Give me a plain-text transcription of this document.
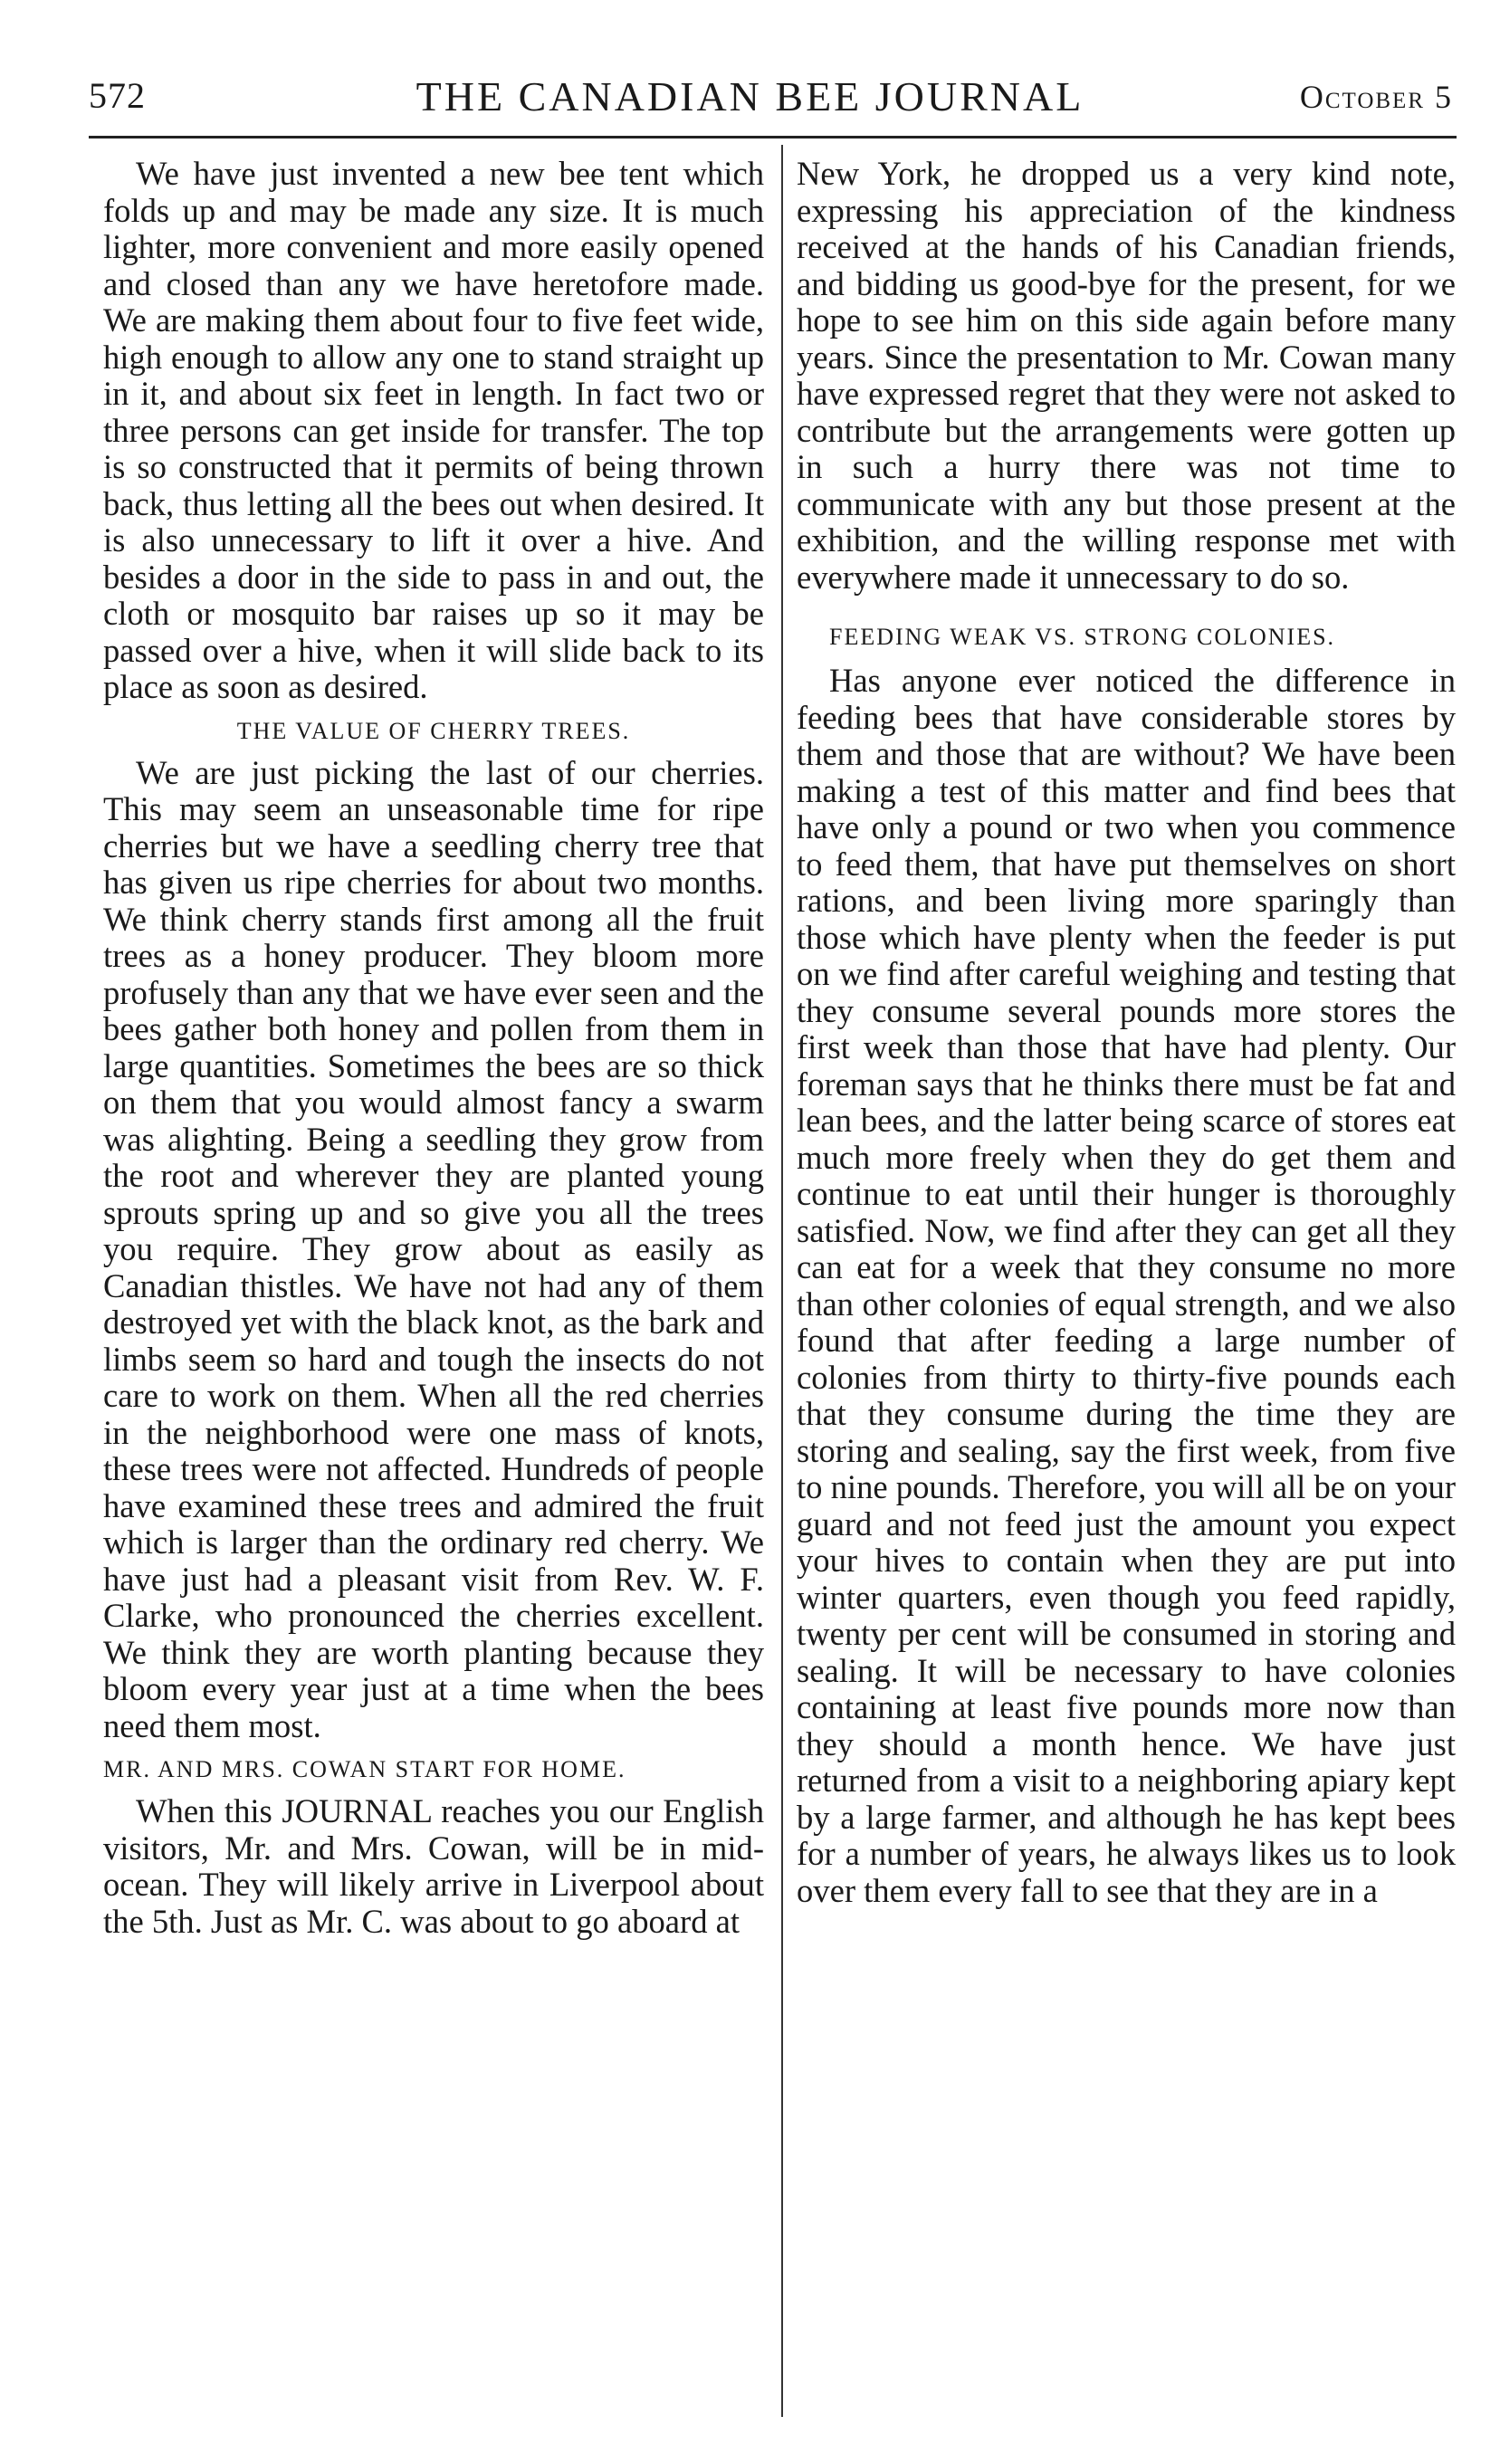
572	THE CANADIAN BEE JOURNAL	October 5

We have just invented a new bee tent which folds up and may be made any size. It is much lighter, more convenient and more easily opened and closed than any we have heretofore made. We are making them about four to five feet wide, high enough to allow any one to stand straight up in it, and about six feet in length. In fact two or three persons can get inside for transfer. The top is so constructed that it permits of being thrown back, thus letting all the bees out when desired. It is also unnecessary to lift it over a hive. And besides a door in the side to pass in and out, the cloth or mosquito bar raises up so it may be passed over a hive, when it will slide back to its place as soon as desired.

THE VALUE OF CHERRY TREES.

We are just picking the last of our cherries. This may seem an unseasonable time for ripe cherries but we have a seedling cherry tree that has given us ripe cherries for about two months. We think cherry stands first among all the fruit trees as a honey producer. They bloom more profusely than any that we have ever seen and the bees gather both honey and pollen from them in large quantities. Sometimes the bees are so thick on them that you would almost fancy a swarm was alighting. Being a seedling they grow from the root and wherever they are planted young sprouts spring up and so give you all the trees you require. They grow about as easily as Canadian thistles. We have not had any of them destroyed yet with the black knot, as the bark and limbs seem so hard and tough the insects do not care to work on them. When all the red cherries in the neighborhood were one mass of knots, these trees were not affected. Hundreds of people have examined these trees and admired the fruit which is larger than the ordinary red cherry. We have just had a pleasant visit from Rev. W. F. Clarke, who pronounced the cherries excellent. We think they are worth planting because they bloom every year just at a time when the bees need them most.

MR. AND MRS. COWAN START FOR HOME.

When this JOURNAL reaches you our English visitors, Mr. and Mrs. Cowan, will be in mid-ocean. They will likely arrive in Liverpool about the 5th. Just as Mr. C. was about to go aboard at

New York, he dropped us a very kind note, expressing his appreciation of the kindness received at the hands of his Canadian friends, and bidding us good-bye for the present, for we hope to see him on this side again before many years. Since the presentation to Mr. Cowan many have expressed regret that they were not asked to contribute but the arrangements were gotten up in such a hurry there was not time to communicate with any but those present at the exhibition, and the willing response met with everywhere made it unnecessary to do so.

FEEDING WEAK VS. STRONG COLONIES.

Has anyone ever noticed the difference in feeding bees that have considerable stores by them and those that are without? We have been making a test of this matter and find bees that have only a pound or two when you commence to feed them, that have put themselves on short rations, and been living more sparingly than those which have plenty when the feeder is put on we find after careful weighing and testing that they consume several pounds more stores the first week than those that have had plenty. Our foreman says that he thinks there must be fat and lean bees, and the latter being scarce of stores eat much more freely when they do get them and continue to eat until their hunger is thoroughly satisfied. Now, we find after they can get all they can eat for a week that they consume no more than other colonies of equal strength, and we also found that after feeding a large number of colonies from thirty to thirty-five pounds each that they consume during the time they are storing and sealing, say the first week, from five to nine pounds. Therefore, you will all be on your guard and not feed just the amount you expect your hives to contain when they are put into winter quarters, even though you feed rapidly, twenty per cent will be consumed in storing and sealing. It will be necessary to have colonies containing at least five pounds more now than they should a month hence. We have just returned from a visit to a neighboring apiary kept by a large farmer, and although he has kept bees for a number of years, he always likes us to look over them every fall to see that they are in a
